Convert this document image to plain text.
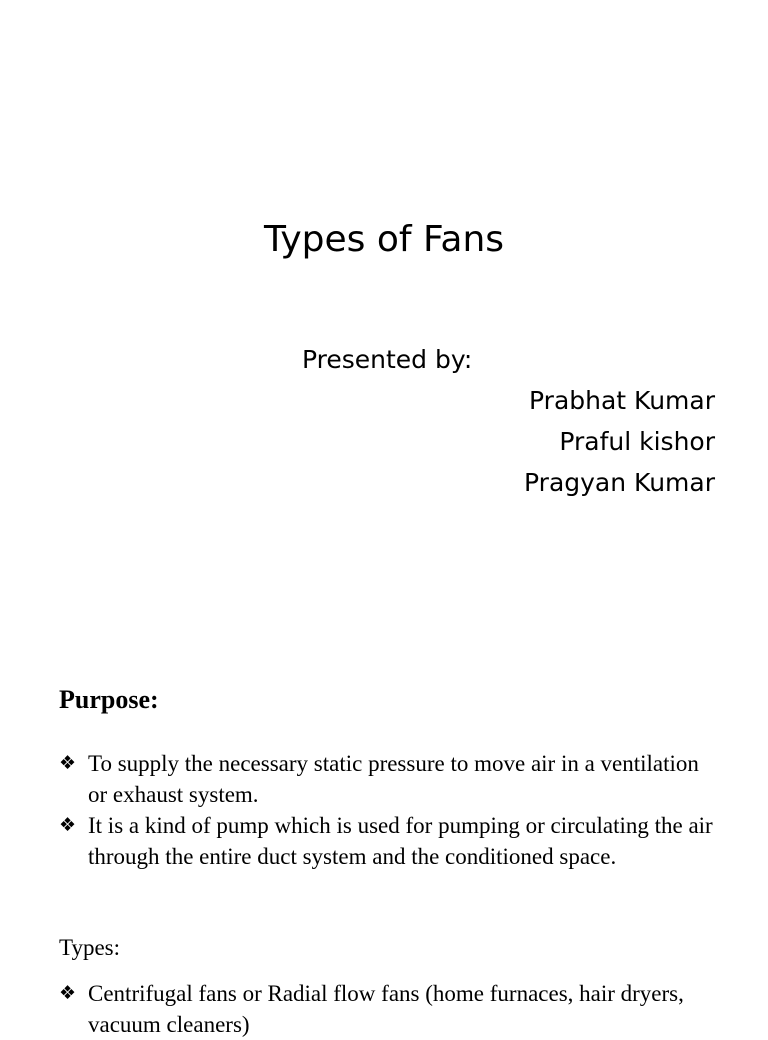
Types of Fans

Presented by:

Prabhat Kumar
Praful kishor
Pragyan Kumar
Purpose:
❖ To supply the necessary static pressure to move air in a ventilation or exhaust system.
❖ It is a kind of pump which is used for pumping or circulating the air through the entire duct system and the conditioned space.

Types:

❖ Centrifugal fans or Radial flow fans (home furnaces, hair dryers, vacuum cleaners)
